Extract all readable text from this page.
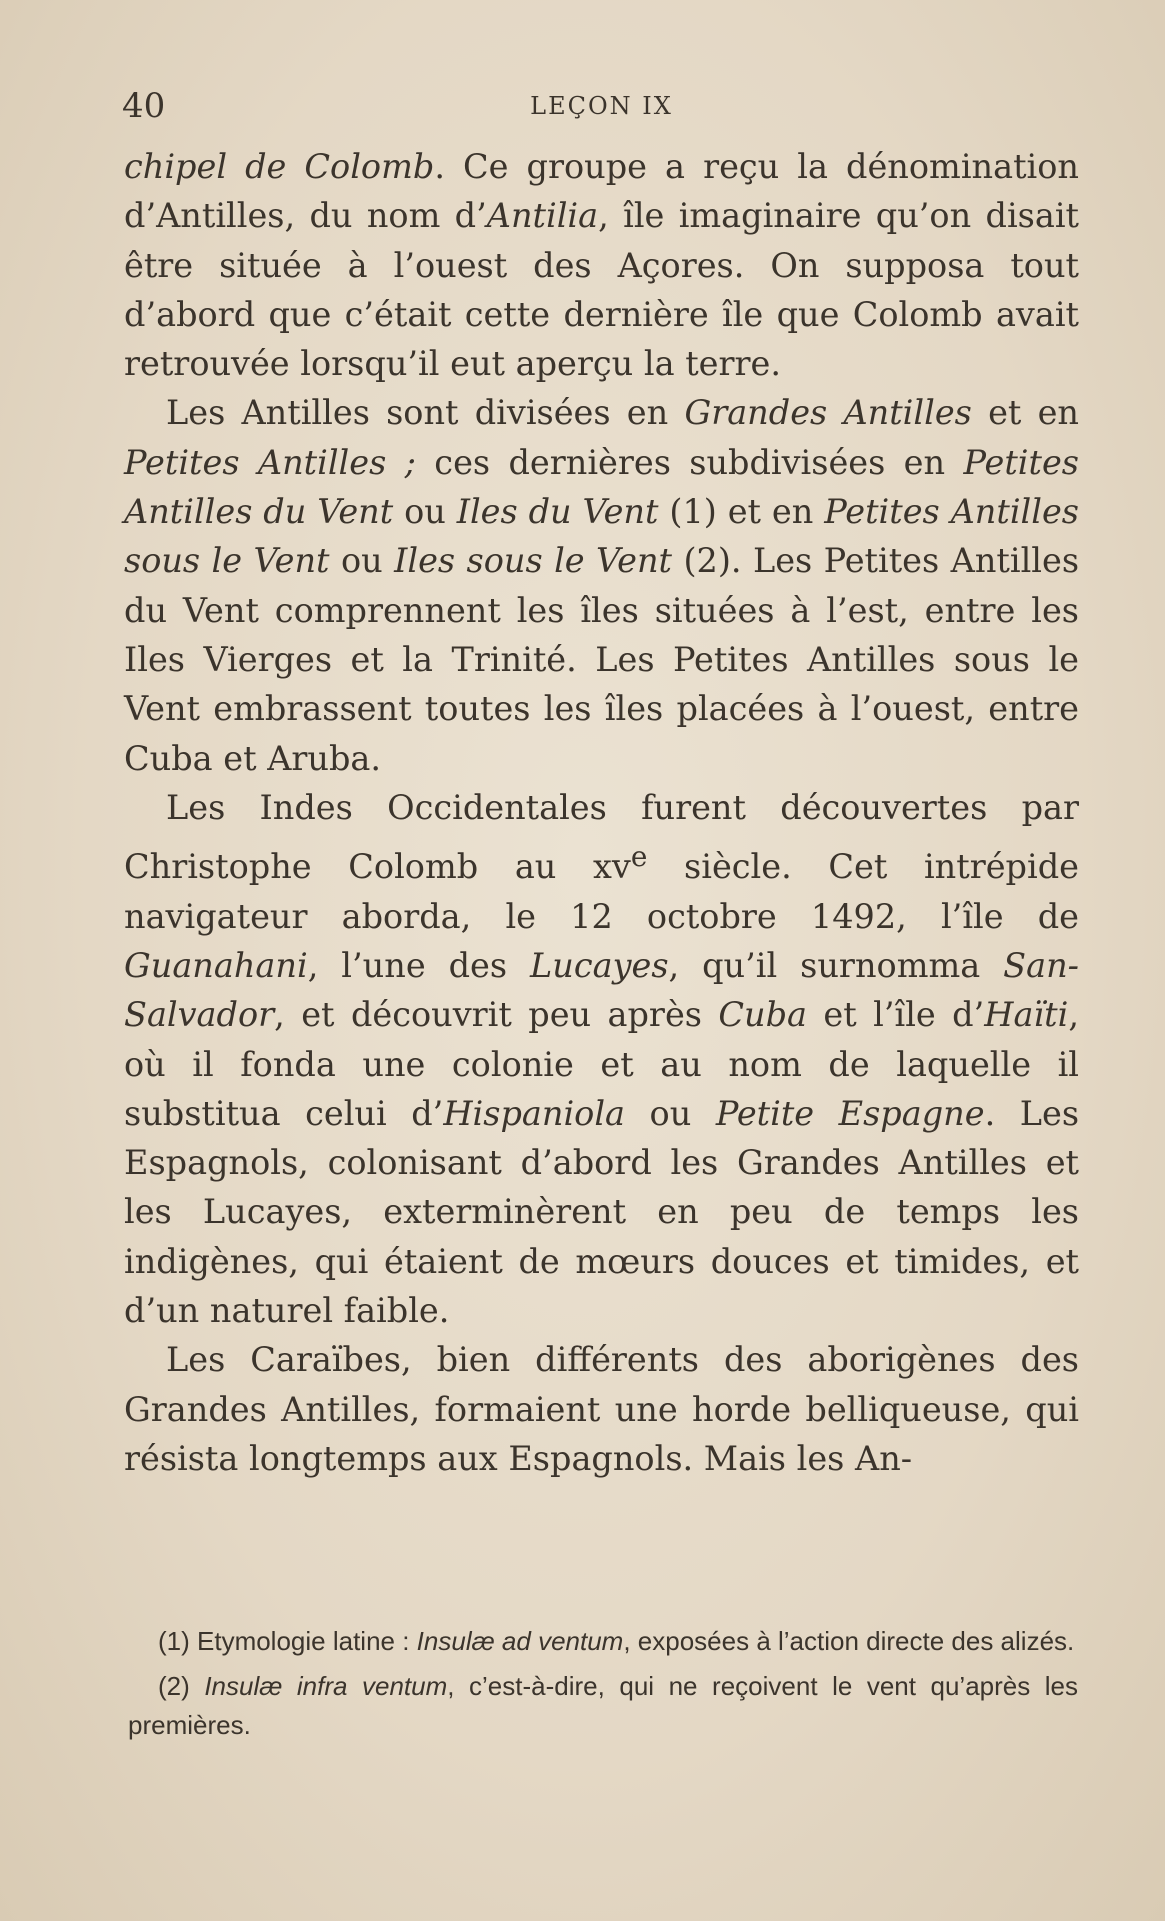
40	LEÇON IX

chipel de Colomb. Ce groupe a reçu la dénomination d’Antilles, du nom d’Antilia, île imaginaire qu’on disait être située à l’ouest des Açores. On supposa tout d’abord que c’était cette dernière île que Colomb avait retrouvée lorsqu’il eut aperçu la terre.

Les Antilles sont divisées en Grandes Antilles et en Petites Antilles ; ces dernières subdivisées en Petites Antilles du Vent ou Iles du Vent (1) et en Petites Antilles sous le Vent ou Iles sous le Vent (2). Les Petites Antilles du Vent comprennent les îles situées à l’est, entre les Iles Vierges et la Trinité. Les Petites Antilles sous le Vent embrassent toutes les îles placées à l’ouest, entre Cuba et Aruba.

Les Indes Occidentales furent découvertes par Christophe Colomb au $xv^e$ siècle. Cet intrépide navigateur aborda, le 12 octobre 1492, l’île de Guanahani, l’une des Lucayes, qu’il surnomma San-Salvador, et découvrit peu après Cuba et l’île d’Haïti, où il fonda une colonie et au nom de laquelle il substitua celui d’Hispaniola ou Petite Espagne. Les Espagnols, colonisant d’abord les Grandes Antilles et les Lucayes, exterminèrent en peu de temps les indigènes, qui étaient de mœurs douces et timides, et d’un naturel faible.

Les Caraïbes, bien différents des aborigènes des Grandes Antilles, formaient une horde belliqueuse, qui résista longtemps aux Espagnols. Mais les An-

(1) Etymologie latine : Insulæ ad ventum, exposées à l’action directe des alizés.

(2) Insulæ infra ventum, c’est-à-dire, qui ne reçoivent le vent qu’après les premières.
